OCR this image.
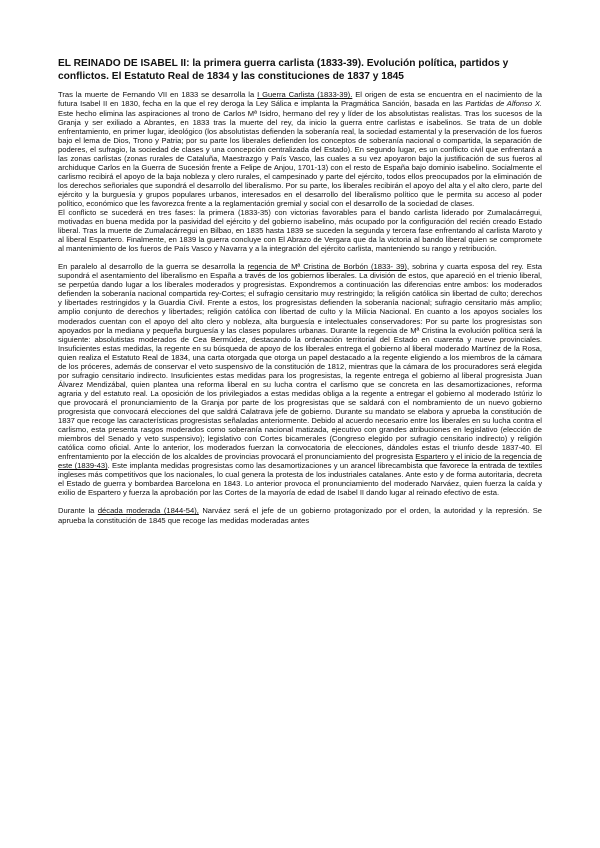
EL REINADO DE ISABEL II: la primera guerra carlista (1833-39). Evolución política, partidos y conflictos. El Estatuto Real de 1834 y las constituciones de 1837 y 1845

Tras la muerte de Fernando VII en 1833 se desarrolla la I Guerra Carlista (1833-39). El origen de esta se encuentra en el nacimiento de la futura Isabel II en 1830, fecha en la que el rey deroga la Ley Sálica e implanta la Pragmática Sanción, basada en las Partidas de Alfonso X. Este hecho elimina las aspiraciones al trono de Carlos Mª Isidro, hermano del rey y líder de los absolutistas realistas. Tras los sucesos de la Granja y ser exiliado a Abrantes, en 1833 tras la muerte del rey, da inicio la guerra entre carlistas e isabelinos. Se trata de un doble enfrentamiento, en primer lugar, ideológico (los absolutistas defienden la soberanía real, la sociedad estamental y la preservación de los fueros bajo el lema de Dios, Trono y Patria; por su parte los liberales defienden los conceptos de soberanía nacional o compartida, la separación de poderes, el sufragio, la sociedad de clases y una concepción centralizada del Estado). En segundo lugar, es un conflicto civil que enfrentará a las zonas carlistas (zonas rurales de Cataluña, Maestrazgo y País Vasco, las cuales a su vez apoyaron bajo la justificación de sus fueros al archiduque Carlos en la Guerra de Sucesión frente a Felipe de Anjou, 1701-13) con el resto de España bajo dominio isabelino. Socialmente el carlismo recibirá el apoyo de la baja nobleza y clero rurales, el campesinado y parte del ejército, todos ellos preocupados por la eliminación de los derechos señoriales que supondrá el desarrollo del liberalismo. Por su parte, los liberales recibirán el apoyo del alta y el alto clero, parte del ejército y la burguesía y grupos populares urbanos, interesados en el desarrollo del liberalismo político que le permita su acceso al poder político, económico que les favorezca frente a la reglamentación gremial y social con el desarrollo de la sociedad de clases.

El conflicto se sucederá en tres fases: la primera (1833-35) con victorias favorables para el bando carlista liderado por Zumalacárregui, motivadas en buena medida por la pasividad del ejército y del gobierno isabelino, más ocupado por la configuración del recién creado Estado liberal. Tras la muerte de Zumalacárregui en Bilbao, en 1835 hasta 1839 se suceden la segunda y tercera fase enfrentando al carlista Maroto y al liberal Espartero. Finalmente, en 1839 la guerra concluye con El Abrazo de Vergara que da la victoria al bando liberal quien se compromete al mantenimiento de los fueros de País Vasco y Navarra y a la integración del ejército carlista, manteniendo su rango y retribución.

En paralelo al desarrollo de la guerra se desarrolla la regencia de Mª Cristina de Borbón (1833- 39), sobrina y cuarta esposa del rey. Esta supondrá el asentamiento del liberalismo en España a través de los gobiernos liberales. La división de estos, que apareció en el trienio liberal, se perpetúa dando lugar a los liberales moderados y progresistas. Expondremos a continuación las diferencias entre ambos: los moderados defienden la soberanía nacional compartida rey-Cortes; el sufragio censitario muy restringido; la religión católica sin libertad de culto; derechos y libertades restringidos y la Guardia Civil. Frente a estos, los progresistas defienden la soberanía nacional; sufragio censitario más amplio; amplio conjunto de derechos y libertades; religión católica con libertad de culto y la Milicia Nacional. En cuanto a los apoyos sociales los moderados cuentan con el apoyo del alto clero y nobleza, alta burguesía e intelectuales conservadores: Por su parte los progresistas son apoyados por la mediana y pequeña burguesía y las clases populares urbanas. Durante la regencia de Mª Cristina la evolución política será la siguiente: absolutistas moderados de Cea Bermúdez, destacando la ordenación territorial del Estado en cuarenta y nueve provinciales. Insuficientes estas medidas, la regente en su búsqueda de apoyo de los liberales entrega el gobierno al liberal moderado Martínez de la Rosa, quien realiza el Estatuto Real de 1834, una carta otorgada que otorga un papel destacado a la regente eligiendo a los miembros de la cámara de los próceres, además de conservar el veto suspensivo de la constitución de 1812, mientras que la cámara de los procuradores será elegida por sufragio censitario indirecto. Insuficientes estas medidas para los progresistas, la regente entrega el gobierno al liberal progresista Juan Álvarez Mendizábal, quien plantea una reforma liberal en su lucha contra el carlismo que se concreta en las desamortizaciones, reforma agraria y del estatuto real. La oposición de los privilegiados a estas medidas obliga a la regente a entregar el gobierno al moderado Istúriz lo que provocará el pronunciamiento de la Granja por parte de los progresistas que se saldará con el nombramiento de un nuevo gobierno progresista que convocará elecciones del que saldrá Calatrava jefe de gobierno. Durante su mandato se elabora y aprueba la constitución de 1837 que recoge las características progresistas señaladas anteriormente. Debido al acuerdo necesario entre los liberales en su lucha contra el carlismo, esta presenta rasgos moderados como soberanía nacional matizada, ejecutivo con grandes atribuciones en legislativo (elección de miembros del Senado y veto suspensivo); legislativo con Cortes bicamerales (Congreso elegido por sufragio censitario indirecto) y religión católica como oficial. Ante lo anterior, los moderados fuerzan la convocatoria de elecciones, dándoles estas el triunfo desde 1837-40. El enfrentamiento por la elección de los alcaldes de provincias provocará el pronunciamiento del progresista Espartero y el inicio de la regencia de este (1839-43). Este implanta medidas progresistas como las desamortizaciones y un arancel librecambista que favorece la entrada de textiles ingleses más competitivos que los nacionales, lo cual genera la protesta de los industriales catalanes. Ante esto y de forma autoritaria, decreta el Estado de guerra y bombardea Barcelona en 1843. Lo anterior provoca el pronunciamiento del moderado Narváez, quien fuerza la caída y exilio de Espartero y fuerza la aprobación por las Cortes de la mayoría de edad de Isabel II dando lugar al reinado efectivo de esta.

Durante la década moderada (1844-54), Narváez será el jefe de un gobierno protagonizado por el orden, la autoridad y la represión. Se aprueba la constitución de 1845 que recoge las medidas moderadas antes
